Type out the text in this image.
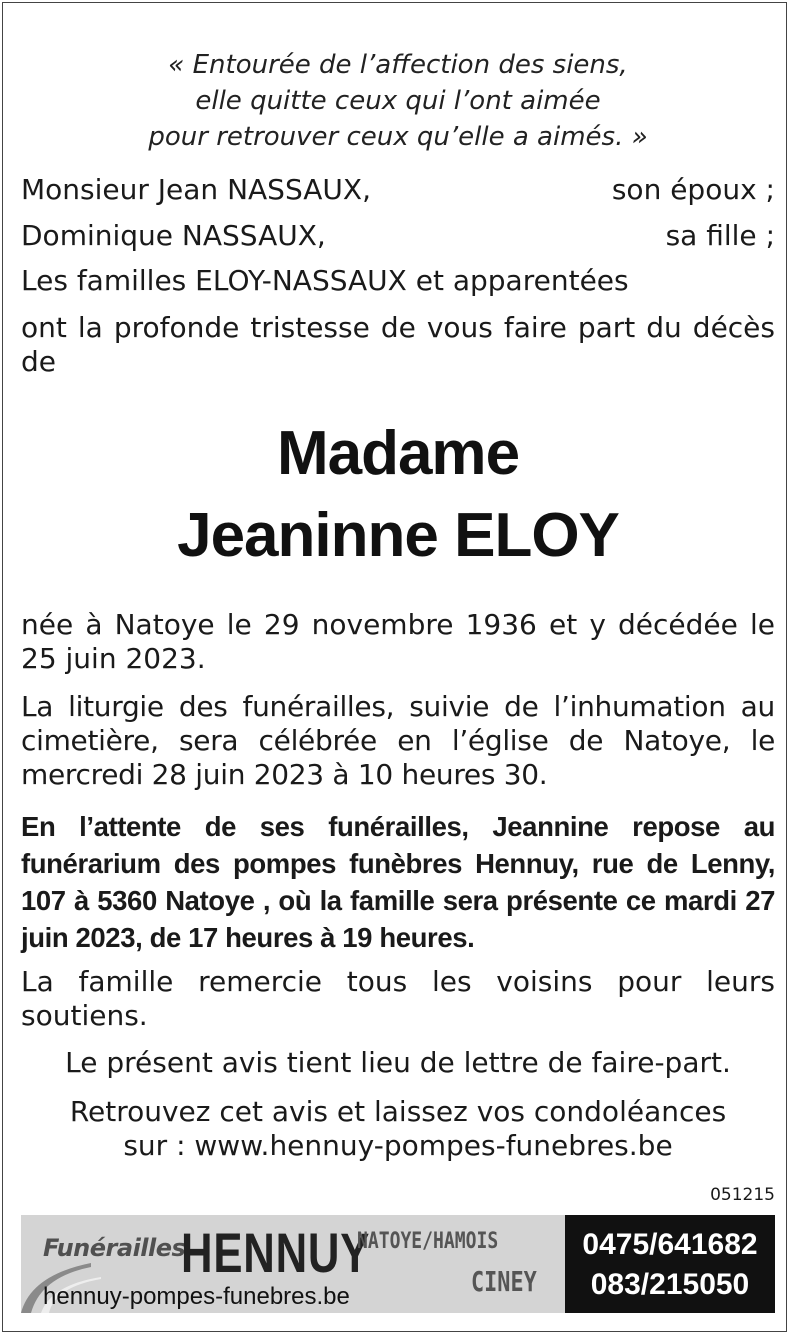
« Entourée de l’affection des siens,
elle quitte ceux qui l’ont aimée
pour retrouver ceux qu’elle a aimés. »
Monsieur Jean NASSAUX,	son époux ;
Dominique NASSAUX,	sa fille ;
Les familles ELOY-NASSAUX et apparentées
ont la profonde tristesse de vous faire part du décès de
Madame
Jeaninne ELOY
née à Natoye le 29 novembre 1936 et y décédée le 25 juin 2023.
La liturgie des funérailles, suivie de l’inhumation au cimetière, sera célébrée en l’église de Natoye, le mercredi 28 juin 2023 à 10 heures 30.
En l’attente de ses funérailles, Jeannine repose au funérarium des pompes funèbres Hennuy, rue de Lenny, 107 à 5360 Natoye , où la famille sera présente ce mardi 27 juin 2023, de 17 heures à 19 heures.
La famille remercie tous les voisins pour leurs soutiens.
Le présent avis tient lieu de lettre de faire-part.
Retrouvez cet avis et laissez vos condoléances
sur : www.hennuy-pompes-funebres.be
051215
Funérailles
HENNUY
NATOYE/HAMOIS
CINEY
hennuy-pompes-funebres.be
0475/641682
083/215050
